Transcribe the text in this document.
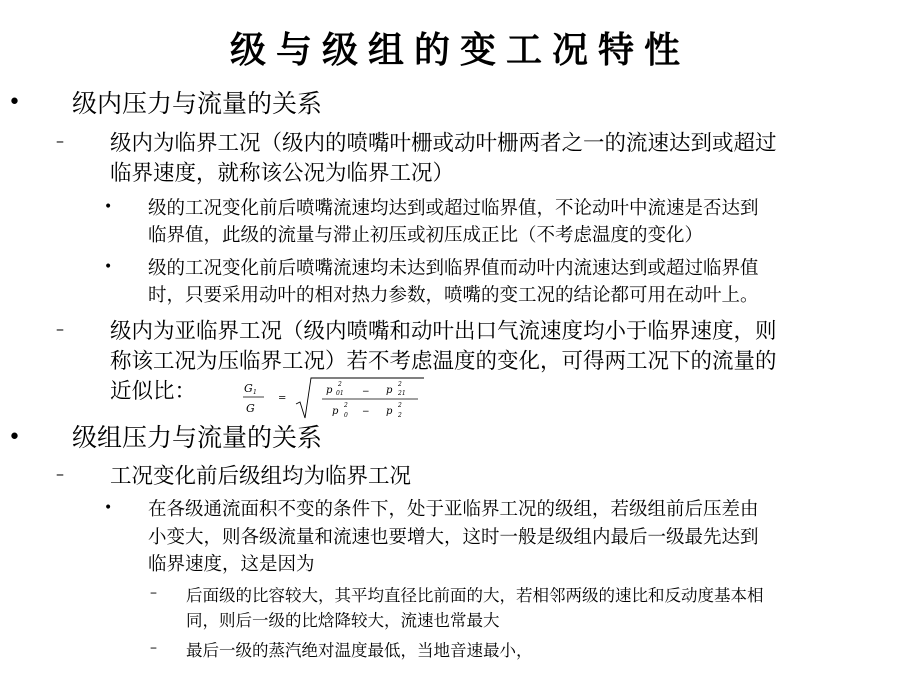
级与级组的变工况特性
• 级内压力与流量的关系
– 级内为临界工况（级内的喷嘴叶栅或动叶栅两者之一的流速达到或超过
临界速度，就称该公况为临界工况）
• 级的工况变化前后喷嘴流速均达到或超过临界值，不论动叶中流速是否达到
临界值，此级的流量与滞止初压或初压成正比（不考虑温度的变化）
• 级的工况变化前后喷嘴流速均未达到临界值而动叶内流速达到或超过临界值
时，只要采用动叶的相对热力参数，喷嘴的变工况的结论都可用在动叶上。
– 级内为亚临界工况（级内喷嘴和动叶出口气流速度均小于临界速度，则
称该工况为压临界工况）若不考虑温度的变化，可得两工况下的流量的
近似比：	G 1
G
=
p
2
01 − p
2
21
p
2
0 − p
2
2
• 级组压力与流量的关系
– 工况变化前后级组均为临界工况
• 在各级通流面积不变的条件下，处于亚临界工况的级组，若级组前后压差由
小变大，则各级流量和流速也要增大，这时一般是级组内最后一级最先达到
临界速度，这是因为
– 后面级的比容较大，其平均直径比前面的大，若相邻两级的速比和反动度基本相
同，则后一级的比焓降较大，流速也常最大
– 最后一级的蒸汽绝对温度最低，当地音速最小，
